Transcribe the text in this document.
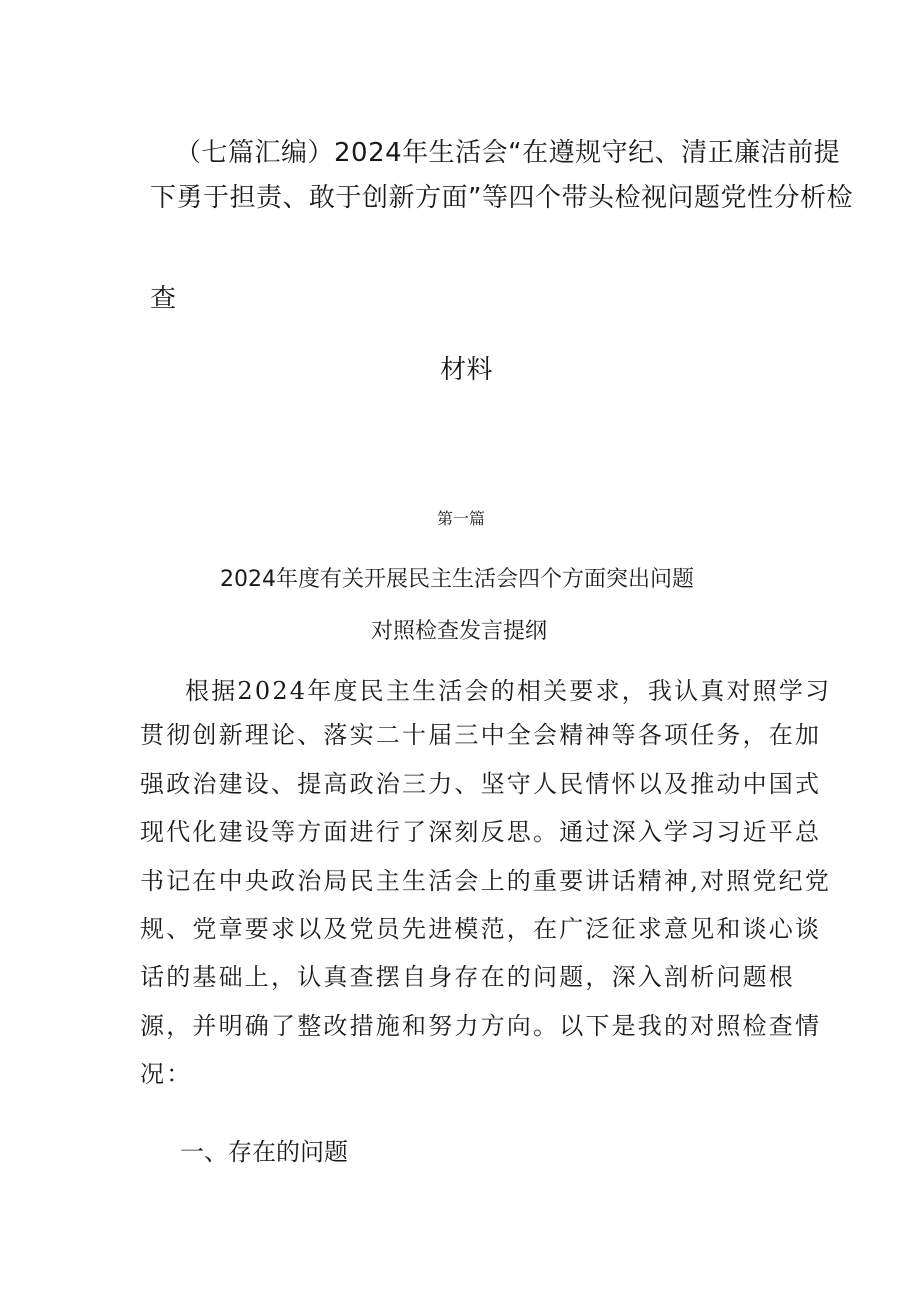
（七篇汇编）2024年生活会“在遵规守纪、清正廉洁前提

下勇于担责、敢于创新方面”等四个带头检视问题党性分析检

查

材料

第一篇

2024年度有关开展民主生活会四个方面突出问题

对照检查发言提纲

根据2024年度民主生活会的相关要求，我认真对照学习

贯彻创新理论、落实二十届三中全会精神等各项任务，在加

强政治建设、提高政治三力、坚守人民情怀以及推动中国式

现代化建设等方面进行了深刻反思。通过深入学习习近平总

书记在中央政治局民主生活会上的重要讲话精神,对照党纪党

规、党章要求以及党员先进模范，在广泛征求意见和谈心谈

话的基础上，认真查摆自身存在的问题，深入剖析问题根

源，并明确了整改措施和努力方向。以下是我的对照检查情

况：

一、存在的问题
